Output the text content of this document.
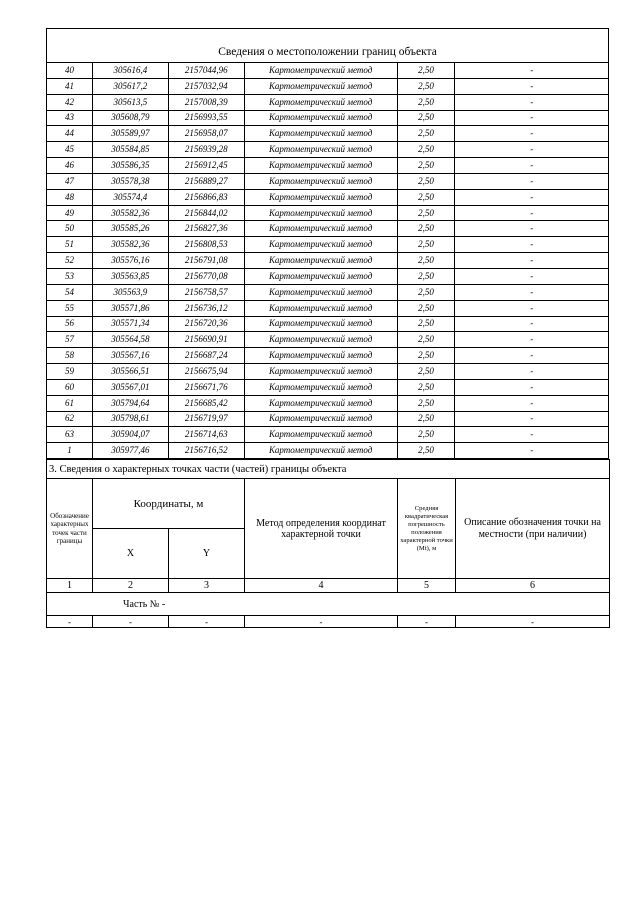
Сведения о местоположении границ объекта
40	305616,4	2157044,96	Картометрический метод	2,50	-
41	305617,2	2157032,94	Картометрический метод	2,50	-
42	305613,5	2157008,39	Картометрический метод	2,50	-
43	305608,79	2156993,55	Картометрический метод	2,50	-
44	305589,97	2156958,07	Картометрический метод	2,50	-
45	305584,85	2156939,28	Картометрический метод	2,50	-
46	305586,35	2156912,45	Картометрический метод	2,50	-
47	305578,38	2156889,27	Картометрический метод	2,50	-
48	305574,4	2156866,83	Картометрический метод	2,50	-
49	305582,36	2156844,02	Картометрический метод	2,50	-
50	305585,26	2156827,36	Картометрический метод	2,50	-
51	305582,36	2156808,53	Картометрический метод	2,50	-
52	305576,16	2156791,08	Картометрический метод	2,50	-
53	305563,85	2156770,08	Картометрический метод	2,50	-
54	305563,9	2156758,57	Картометрический метод	2,50	-
55	305571,86	2156736,12	Картометрический метод	2,50	-
56	305571,34	2156720,36	Картометрический метод	2,50	-
57	305564,58	2156690,91	Картометрический метод	2,50	-
58	305567,16	2156687,24	Картометрический метод	2,50	-
59	305566,51	2156675,94	Картометрический метод	2,50	-
60	305567,01	2156671,76	Картометрический метод	2,50	-
61	305794,64	2156685,42	Картометрический метод	2,50	-
62	305798,61	2156719,97	Картометрический метод	2,50	-
63	305904,07	2156714,63	Картометрический метод	2,50	-
1	305977,46	2156716,52	Картометрический метод	2,50	-
3. Сведения о характерных точках части (частей) границы объекта					
Обозначение характерных точек части границы	Координаты, м		Метод определения координат характерной точки	Средняя квадратическая погрешность положения характерной точки (Mt), м	Описание обозначения точки на местности (при наличии)
	X	Y			
1	2	3	4	5	6
Часть № -					
-	-	-	-	-	-
